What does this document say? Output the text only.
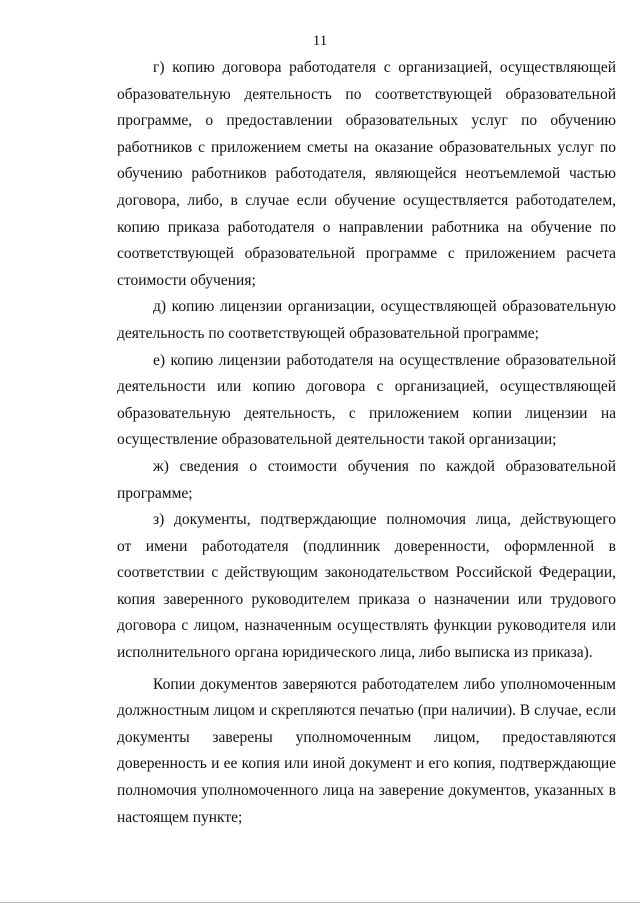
11
г) копию договора работодателя с организацией, осуществляющей
образовательную деятельность по соответствующей образовательной
программе, о предоставлении образовательных услуг по обучению
работников с приложением сметы на оказание образовательных услуг по
обучению работников работодателя, являющейся неотъемлемой частью
договора, либо, в случае если обучение осуществляется работодателем,
копию приказа работодателя о направлении работника на обучение по
соответствующей образовательной программе с приложением расчета
стоимости обучения;
д) копию лицензии организации, осуществляющей образовательную
деятельность по соответствующей образовательной программе;
е) копию лицензии работодателя на осуществление образовательной
деятельности или копию договора с организацией, осуществляющей
образовательную деятельность, с приложением копии лицензии на
осуществление образовательной деятельности такой организации;
ж) сведения о стоимости обучения по каждой образовательной
программе;
з) документы, подтверждающие полномочия лица, действующего
от имени работодателя (подлинник доверенности, оформленной в
соответствии с действующим законодательством Российской Федерации,
копия заверенного руководителем приказа о назначении или трудового
договора с лицом, назначенным осуществлять функции руководителя или
исполнительного органа юридического лица, либо выписка из приказа).
Копии документов заверяются работодателем либо уполномоченным
должностным лицом и скрепляются печатью (при наличии). В случае, если
документы заверены уполномоченным лицом, предоставляются
доверенность и ее копия или иной документ и его копия, подтверждающие
полномочия уполномоченного лица на заверение документов, указанных в
настоящем пункте;
